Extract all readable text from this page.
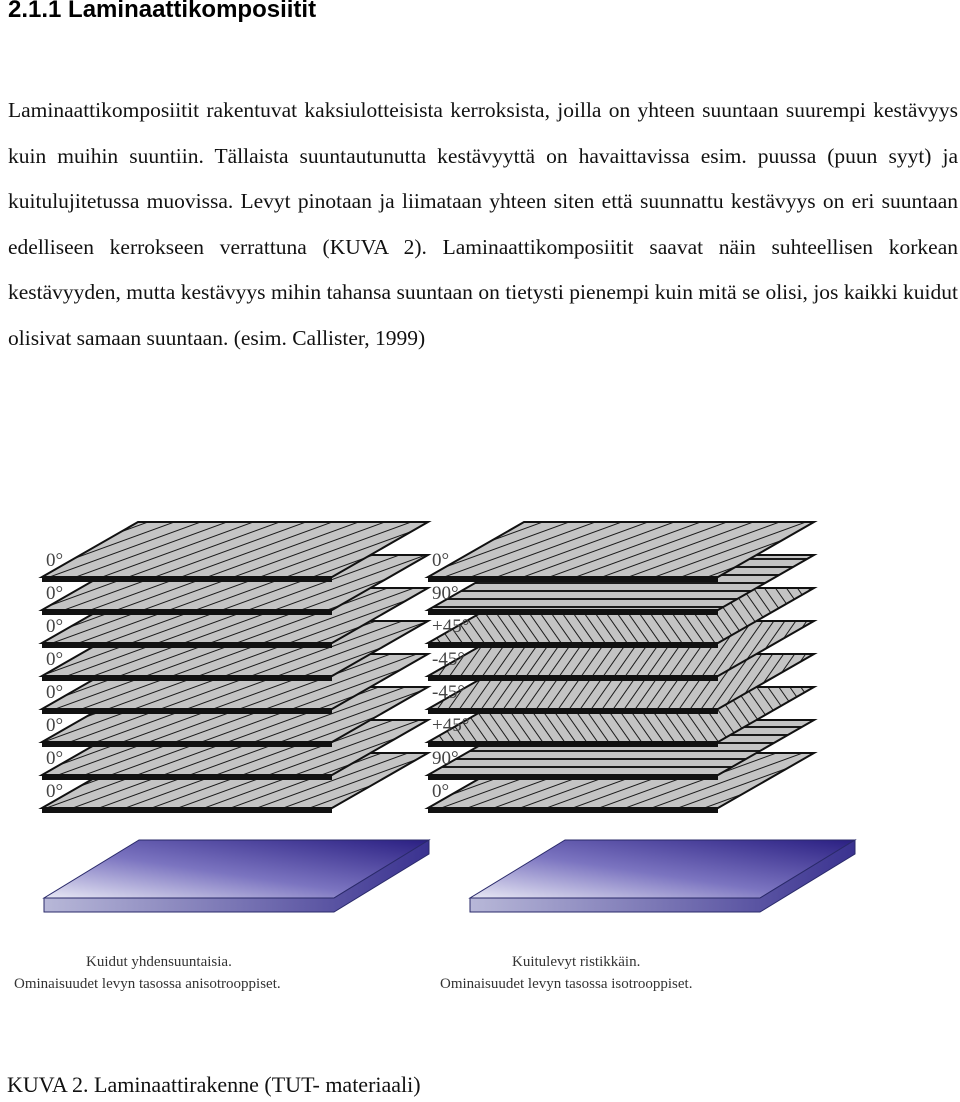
2.1.1 Laminaattikomposiitit

Laminaattikomposiitit rakentuvat kaksiulotteisista kerroksista, joilla on yhteen suuntaan suurempi kestävyys kuin muihin suuntiin. Tällaista suuntautunutta kestävyyttä on havaittavissa esim. puussa (puun syyt) ja kuitulujitetussa muovissa. Levyt pinotaan ja liimataan yhteen siten että suunnattu kestävyys on eri suuntaan edelliseen kerrokseen verrattuna (KUVA 2). Laminaattikomposiitit saavat näin suhteellisen korkean kestävyyden, mutta kestävyys mihin tahansa suuntaan on tietysti pienempi kuin mitä se olisi, jos kaikki kuidut olisivat samaan suuntaan. (esim. Callister, 1999)

0°
0°
0°
0°
0°
0°
0°
0°
0°
90°
+45°
-45°
-45°
+45°
90°
0°
Kuidut yhdensuuntaisia.
Ominaisuudet levyn tasossa anisotrooppiset.
Kuitulevyt ristikkäin.
Ominaisuudet levyn tasossa isotrooppiset.

KUVA 2. Laminaattirakenne (TUT- materiaali)
